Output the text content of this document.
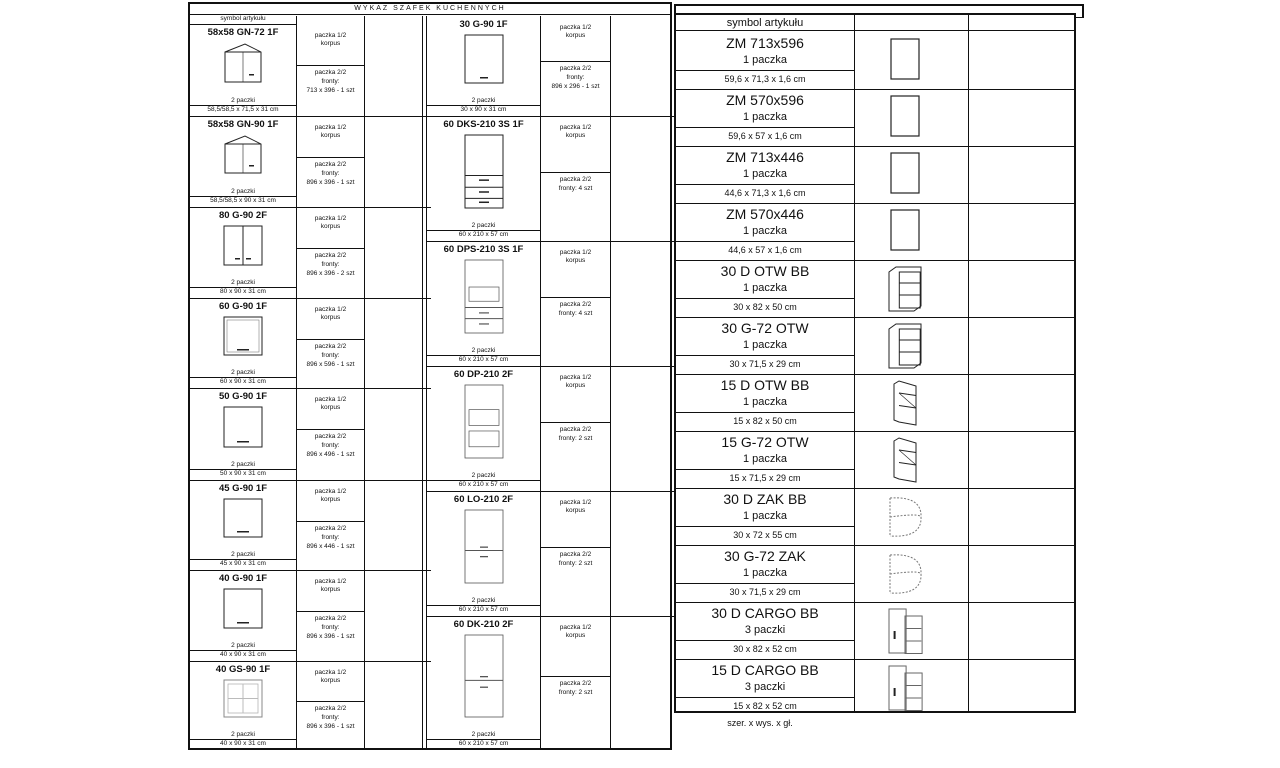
WYKAZ SZAFEK KUCHENNYCH
symbol artykułu
58x58 GN-72 1F
2 paczki
58,5/58,5 x 71,5 x 31 cm
paczka 1/2
korpus
paczka 2/2
fronty:
713 x 396 - 1 szt
58x58 GN-90 1F
2 paczki
58,5/58,5 x 90 x 31 cm
paczka 1/2
korpus
paczka 2/2
fronty:
896 x 396 - 1 szt
80 G-90 2F
2 paczki
80 x 90 x 31 cm
paczka 1/2
korpus
paczka 2/2
fronty:
896 x 396 - 2 szt
60 G-90 1F
2 paczki
60 x 90 x 31 cm
paczka 1/2
korpus
paczka 2/2
fronty:
896 x 596 - 1 szt
50 G-90 1F
2 paczki
50 x 90 x 31 cm
paczka 1/2
korpus
paczka 2/2
fronty:
896 x 496 - 1 szt
45 G-90 1F
2 paczki
45 x 90 x 31 cm
paczka 1/2
korpus
paczka 2/2
fronty:
896 x 446 - 1 szt
40 G-90 1F
2 paczki
40 x 90 x 31 cm
paczka 1/2
korpus
paczka 2/2
fronty:
896 x 396 - 1 szt
40 GS-90 1F
2 paczki
40 x 90 x 31 cm
paczka 1/2
korpus
paczka 2/2
fronty:
896 x 396 - 1 szt
30 G-90 1F
2 paczki
30 x 90 x 31 cm
paczka 1/2
korpus
paczka 2/2
fronty:
896 x 296 - 1 szt
60 DKS-210 3S 1F
2 paczki
60 x 210 x 57 cm
paczka 1/2
korpus
paczka 2/2
fronty: 4 szt
60 DPS-210 3S 1F
2 paczki
60 x 210 x 57 cm
paczka 1/2
korpus
paczka 2/2
fronty: 4 szt
60 DP-210 2F
2 paczki
60 x 210 x 57 cm
paczka 1/2
korpus
paczka 2/2
fronty: 2 szt
60 LO-210 2F
2 paczki
60 x 210 x 57 cm
paczka 1/2
korpus
paczka 2/2
fronty: 2 szt
60 DK-210 2F
2 paczki
60 x 210 x 57 cm
paczka 1/2
korpus
paczka 2/2
fronty: 2 szt
symbol artykułu
ZM 713x596
1 paczka
59,6 x 71,3 x 1,6 cm
ZM 570x596
1 paczka
59,6 x 57 x 1,6 cm
ZM 713x446
1 paczka
44,6 x 71,3 x 1,6 cm
ZM 570x446
1 paczka
44,6 x 57 x 1,6 cm
30 D OTW BB
1 paczka
30 x 82 x 50 cm
30 G-72 OTW
1 paczka
30 x 71,5 x 29 cm
15 D OTW BB
1 paczka
15 x 82 x 50 cm
15 G-72 OTW
1 paczka
15 x 71,5 x 29 cm
30 D ZAK BB
1 paczka
30 x 72 x 55 cm
30 G-72 ZAK
1 paczka
30 x 71,5 x 29 cm
30 D CARGO BB
3 paczki
30 x 82 x 52 cm
15 D CARGO BB
3 paczki
15 x 82 x 52 cm
szer. x wys. x gł.
